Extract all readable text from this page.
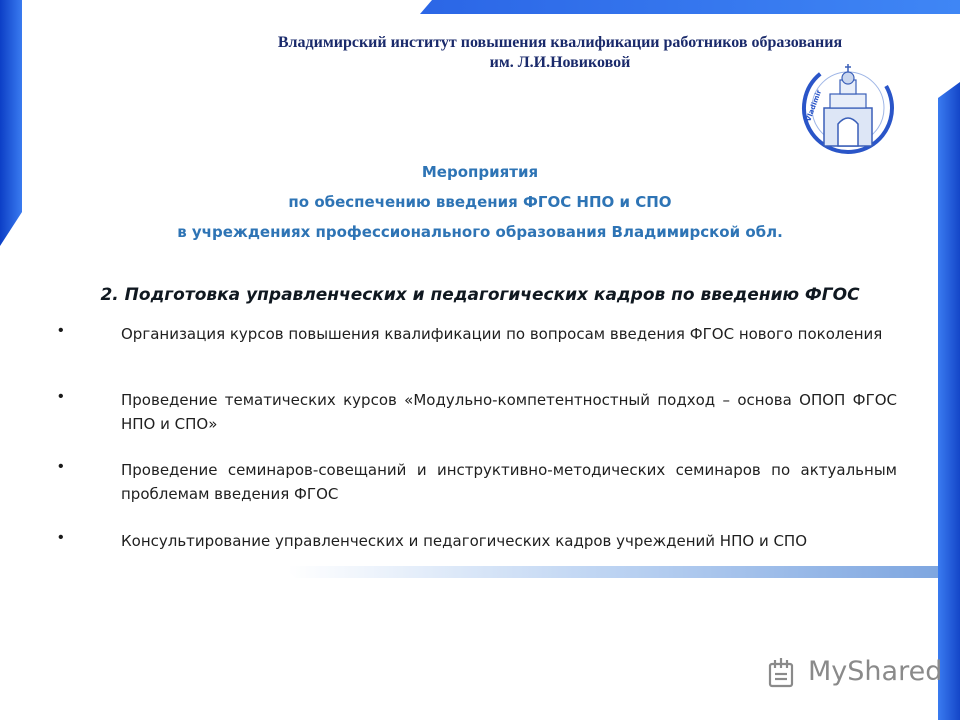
Владимирский институт повышения квалификации работников образования
им. Л.И.Новиковой
Vladimir
Мероприятия
по обеспечению введения ФГОС НПО и СПО
в учреждениях профессионального образования Владимирской обл.
2. Подготовка управленческих и педагогических кадров по введению ФГОС
•	Организация курсов повышения квалификации по вопросам введения ФГОС нового поколения
•	Проведение тематических курсов «Модульно-компетентностный подход – основа ОПОП ФГОС НПО и СПО»
•	Проведение семинаров-совещаний и инструктивно-методических семинаров по актуальным проблемам введения ФГОС
•	Консультирование управленческих и педагогических кадров учреждений НПО и СПО
MyShared
